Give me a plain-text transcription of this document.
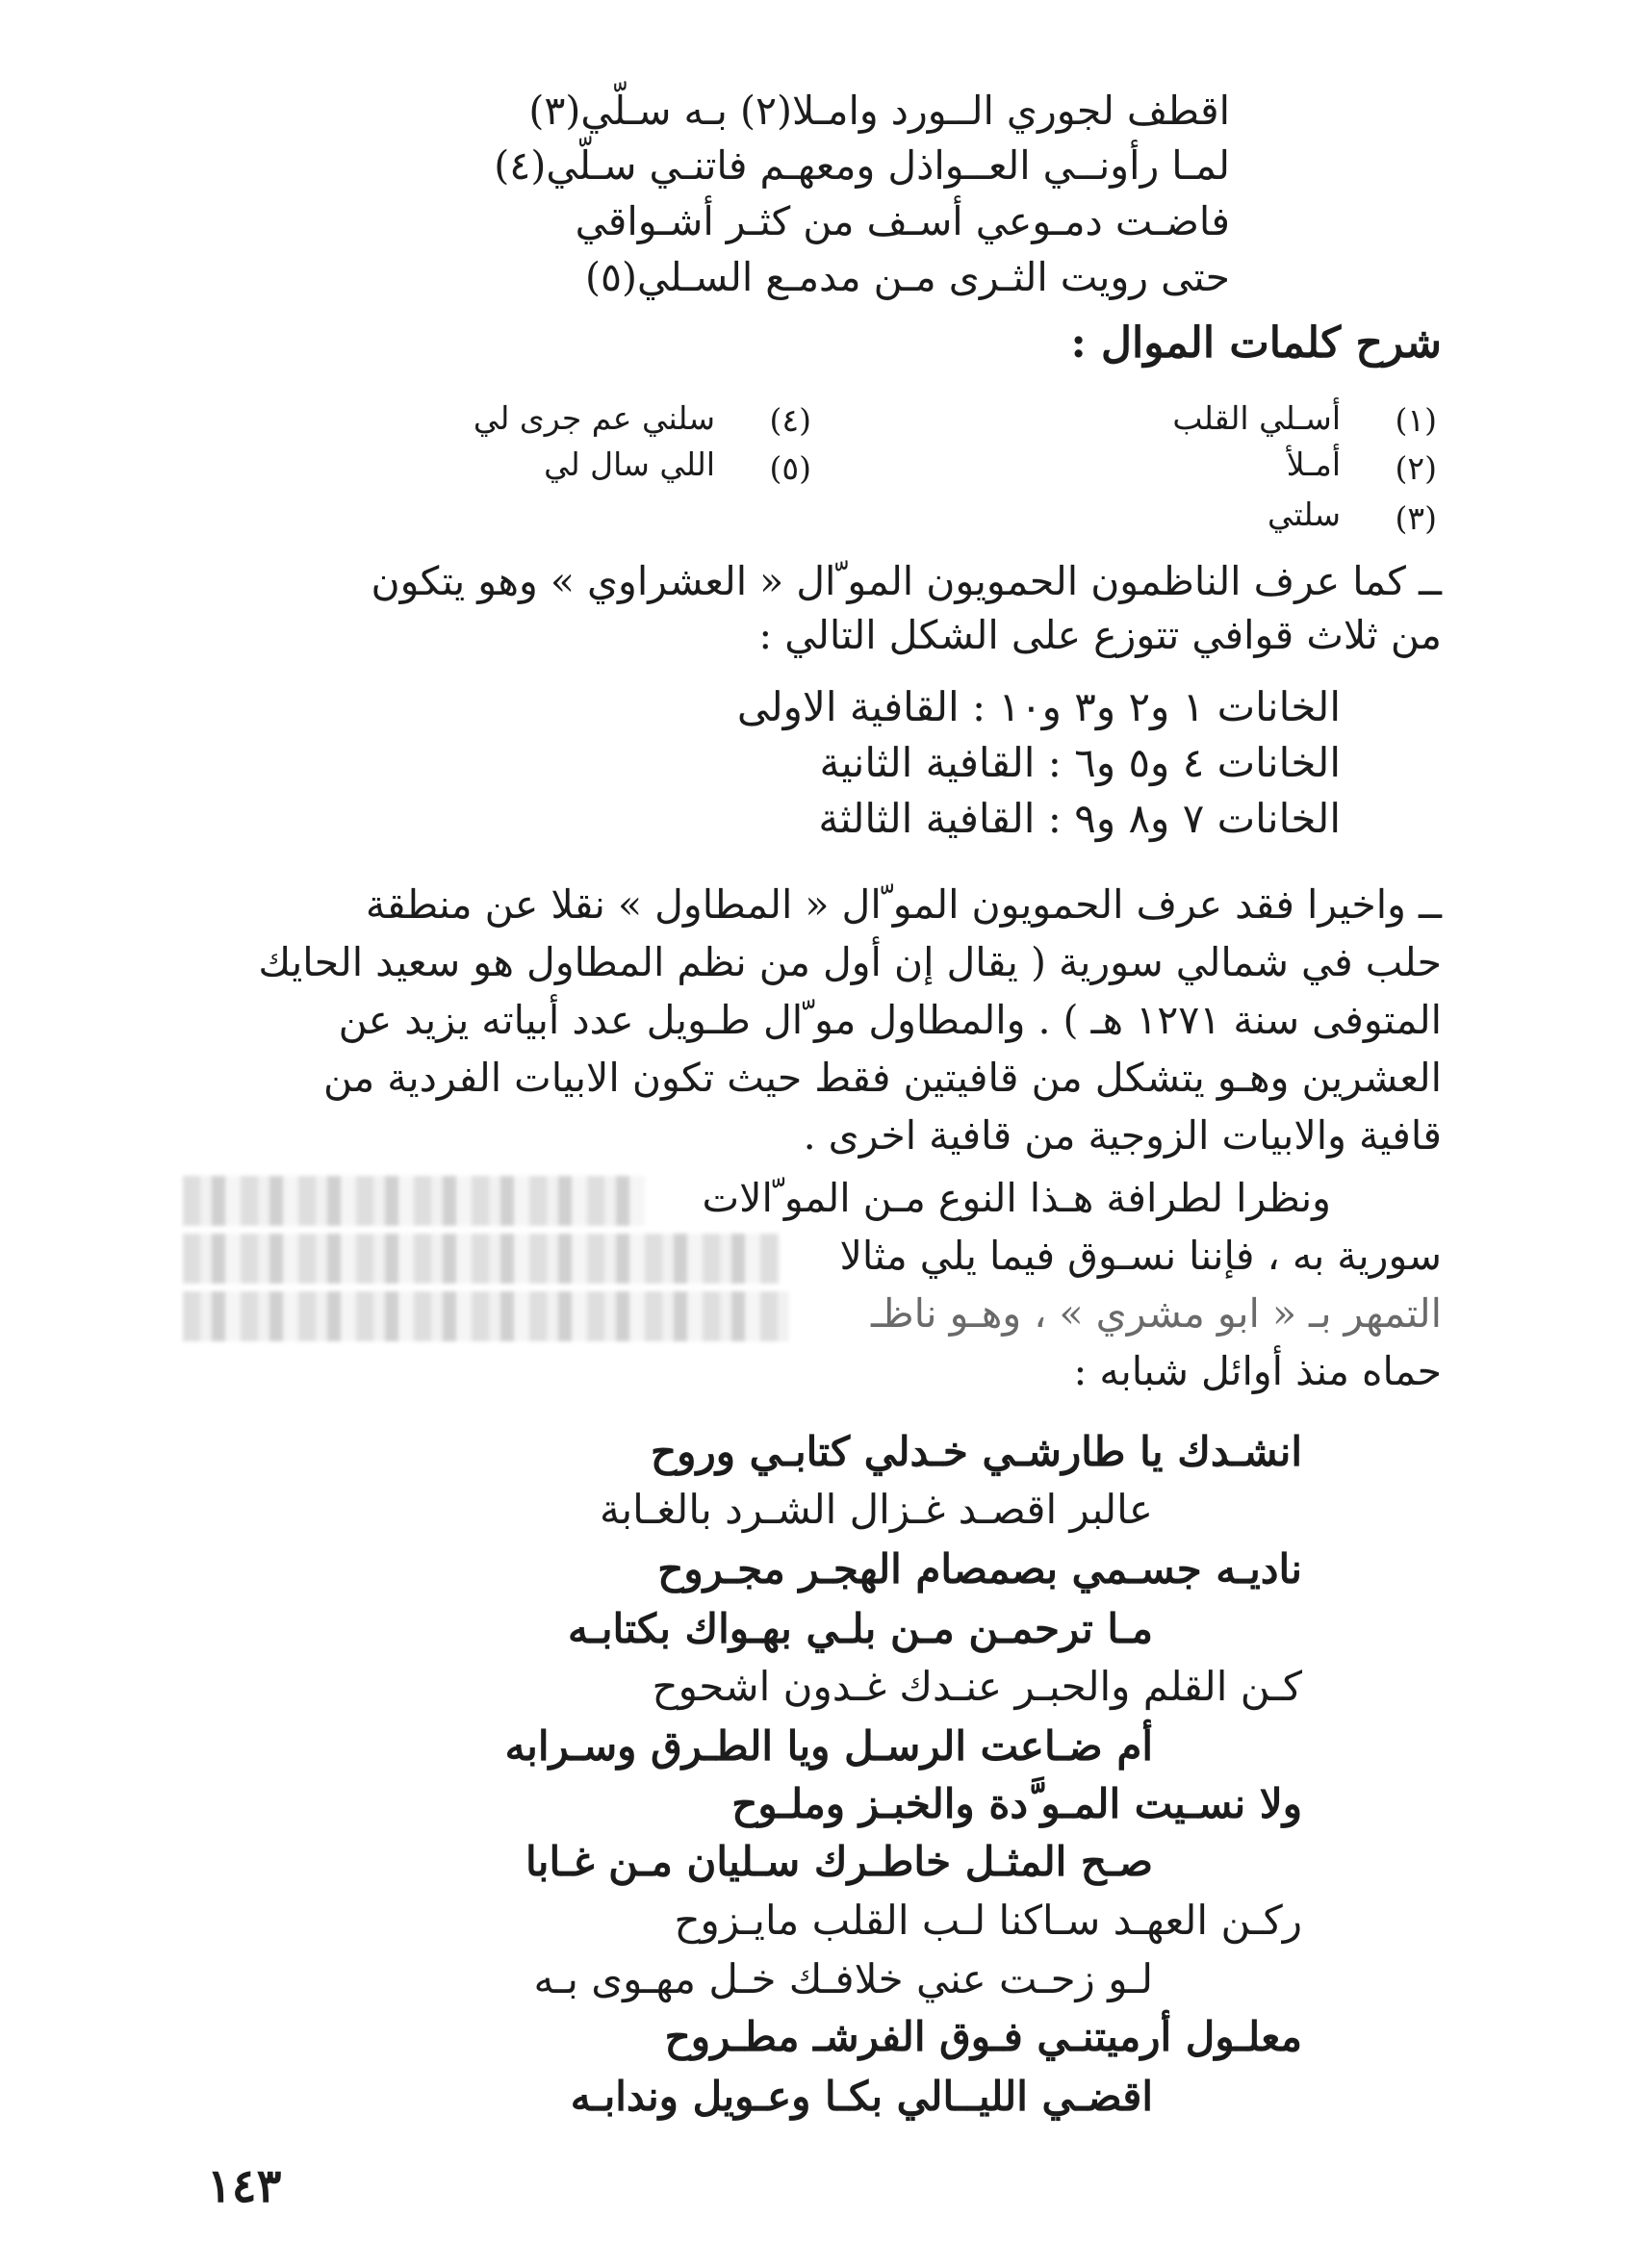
اقطف لجوري الــورد وامـلا(٢) بـه سـلّي(٣)
لمـا رأونــي العــواذل ومعهـم فاتنـي سـلّي(٤)
فاضـت دمـوعي أسـف من كثـر أشـواقي
حتى رويت الثـرى مـن مدمـع السـلي(٥)
شرح كلمات الموال :
(١)
أسـلي القلب
(٢)
أمـلأ
(٣)
سلتي
(٤)
سلني عم جرى لي
(٥)
اللي سال لي
ــ كما عرف الناظمون الحمويون المو ّال « العشراوي » وهو يتكون
من ثلاث قوافي تتوزع على الشكل التالي :
الخانات ١ و٢ و٣ و١٠ : القافية الاولى
الخانات ٤ و٥ و٦ : القافية الثانية
الخانات ٧ و٨ و٩ : القافية الثالثة
ــ واخيرا فقد عرف الحمويون المو ّال « المطاول » نقلا عن منطقة
حلب في شمالي سورية ( يقال إن أول من نظم المطاول هو سعيد الحايك
المتوفى سنة ١٢٧١ هـ ) . والمطاول مو ّال طـويل عدد أبياته يزيد عن
العشرين وهـو يتشكل من قافيتين فقط حيث تكون الابيات الفردية من
قافية والابيات الزوجية من قافية اخرى .
ونظرا لطرافة هـذا النوع مـن المو ّالات
سورية به ، فإننا نسـوق فيما يلي مثالا
التمهر بـ « ابو مشري » ، وهـو ناظـ
حماه منذ أوائل شبابه :
انشـدك يا طارشـي خـدلي كتابـي وروح
عالبر اقصـد غـزال الشـرد بالغـابة
ناديـه جسـمي بصمصام الهجـر مجـروح
مـا ترحمـن مـن بلـي بهـواك بكتابـه
كـن القلم والحبـر عنـدك غـدون اشحوح
أم ضـاعت الرسـل ويا الطـرق وسـرابه
ولا نسـيت المـو َّدة والخبـز وملـوح
صـح المثـل خاطـرك سـليان مـن غـابا
ركـن العهـد سـاكنا لـب القلب مايـزوح
لـو زحـت عني خلافـك خـل مهـوى بـه
معلـول أرميتنـي فـوق الفرشـ مطـروح
اقضـي الليــالي بكـا وعـويل وندابـه
١٤٣
